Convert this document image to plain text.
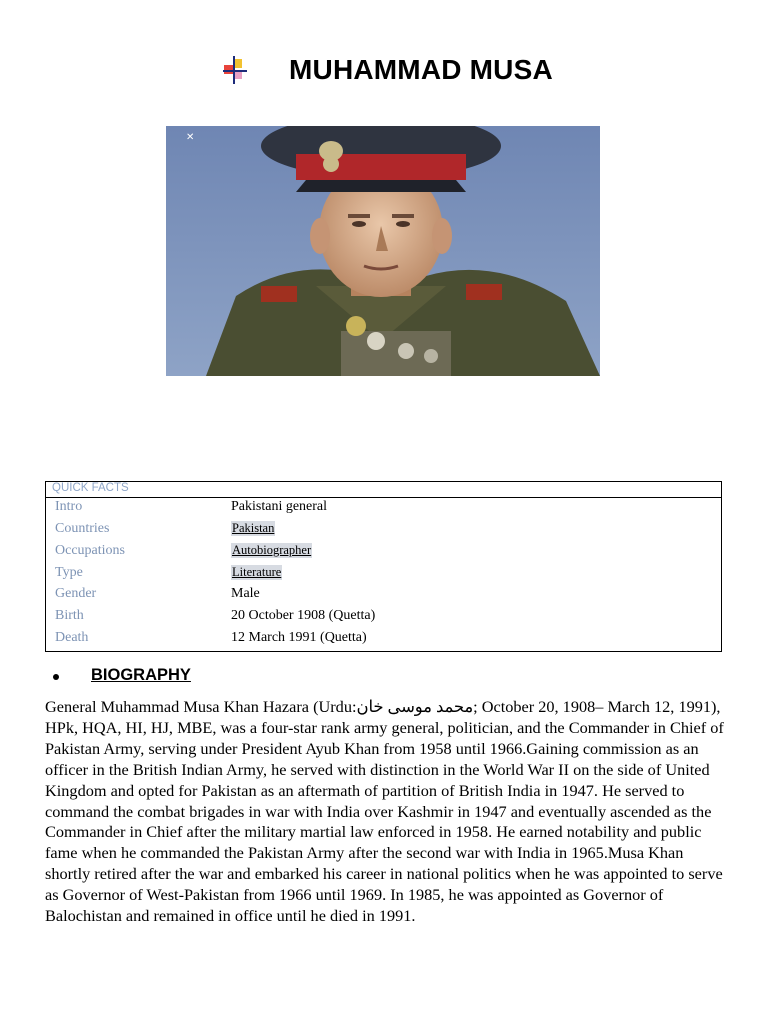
MUHAMMAD MUSA
✕
QUICK FACTS
Intro	Pakistani general
Countries	Pakistan
Occupations	Autobiographer
Type	Literature
Gender	Male
Birth	20 October 1908 (Quetta)
Death	12 March 1991 (Quetta)
BIOGRAPHY

General Muhammad Musa Khan Hazara (Urdu:محمد موسی خان; October 20, 1908– March 12, 1991), HPk, HQA, HI, HJ, MBE, was a four-star rank army general, politician, and the Commander in Chief of Pakistan Army, serving under President Ayub Khan from 1958 until 1966.Gaining commission as an officer in the British Indian Army, he served with distinction in the World War II on the side of United Kingdom and opted for Pakistan as an aftermath of partition of British India in 1947. He served to command the combat brigades in war with India over Kashmir in 1947 and eventually ascended as the Commander in Chief after the military martial law enforced in 1958. He earned notability and public fame when he commanded the Pakistan Army after the second war with India in 1965.Musa Khan shortly retired after the war and embarked his career in national politics when he was appointed to serve as Governor of West-Pakistan from 1966 until 1969. In 1985, he was appointed as Governor of Balochistan and remained in office until he died in 1991.
